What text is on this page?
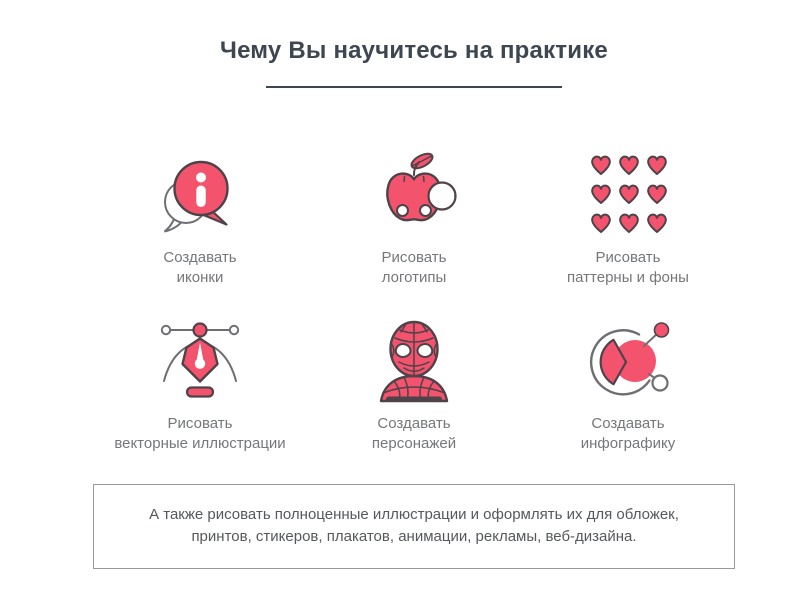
Чему Вы научитесь на практике
Создавать
иконки
Рисовать
логотипы
Рисовать
паттерны и фоны
Рисовать
векторные иллюстрации
Создавать
персонажей
Создавать
инфографику
А также рисовать полноценные иллюстрации и оформлять их для обложек,
принтов, стикеров, плакатов, анимации, рекламы, веб-дизайна.
